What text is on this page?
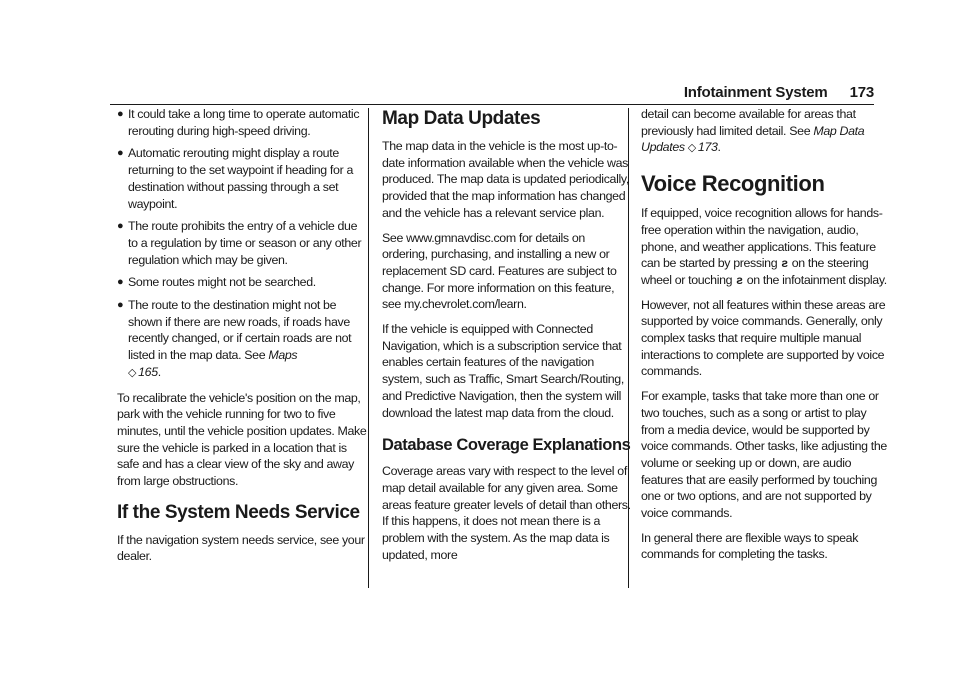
Infotainment System 173
● It could take a long time to operate automatic rerouting during high-speed driving.
● Automatic rerouting might display a route returning to the set waypoint if heading for a destination without passing through a set waypoint.
● The route prohibits the entry of a vehicle due to a regulation by time or season or any other regulation which may be given.
● Some routes might not be searched.
● The route to the destination might not be shown if there are new roads, if roads have recently changed, or if certain roads are not listed in the map data. See Maps
◇ 165.

To recalibrate the vehicle's position on the map, park with the vehicle running for two to five minutes, until the vehicle position updates. Make sure the vehicle is parked in a location that is safe and has a clear view of the sky and away from large obstructions.

If the System Needs Service

If the navigation system needs service, see your dealer.

Map Data Updates

The map data in the vehicle is the most up-to-date information available when the vehicle was produced. The map data is updated periodically, provided that the map information has changed and the vehicle has a relevant service plan.

See www.gmnavdisc.com for details on ordering, purchasing, and installing a new or replacement SD card. Features are subject to change. For more information on this feature, see my.chevrolet.com/learn.

If the vehicle is equipped with Connected Navigation, which is a subscription service that enables certain features of the navigation system, such as Traffic, Smart Search/Routing, and Predictive Navigation, then the system will download the latest map data from the cloud.

Database Coverage Explanations

Coverage areas vary with respect to the level of map detail available for any given area. Some areas feature greater levels of detail than others. If this happens, it does not mean there is a problem with the system. As the map data is updated, more

detail can become available for areas that previously had limited detail. See Map Data Updates ◇ 173.

Voice Recognition

If equipped, voice recognition allows for hands-free operation within the navigation, audio, phone, and weather applications. This feature can be started by pressing ƨ on the steering wheel or touching ƨ on the infotainment display.

However, not all features within these areas are supported by voice commands. Generally, only complex tasks that require multiple manual interactions to complete are supported by voice commands.

For example, tasks that take more than one or two touches, such as a song or artist to play from a media device, would be supported by voice commands. Other tasks, like adjusting the volume or seeking up or down, are audio features that are easily performed by touching one or two options, and are not supported by voice commands.

In general there are flexible ways to speak commands for completing the tasks.
